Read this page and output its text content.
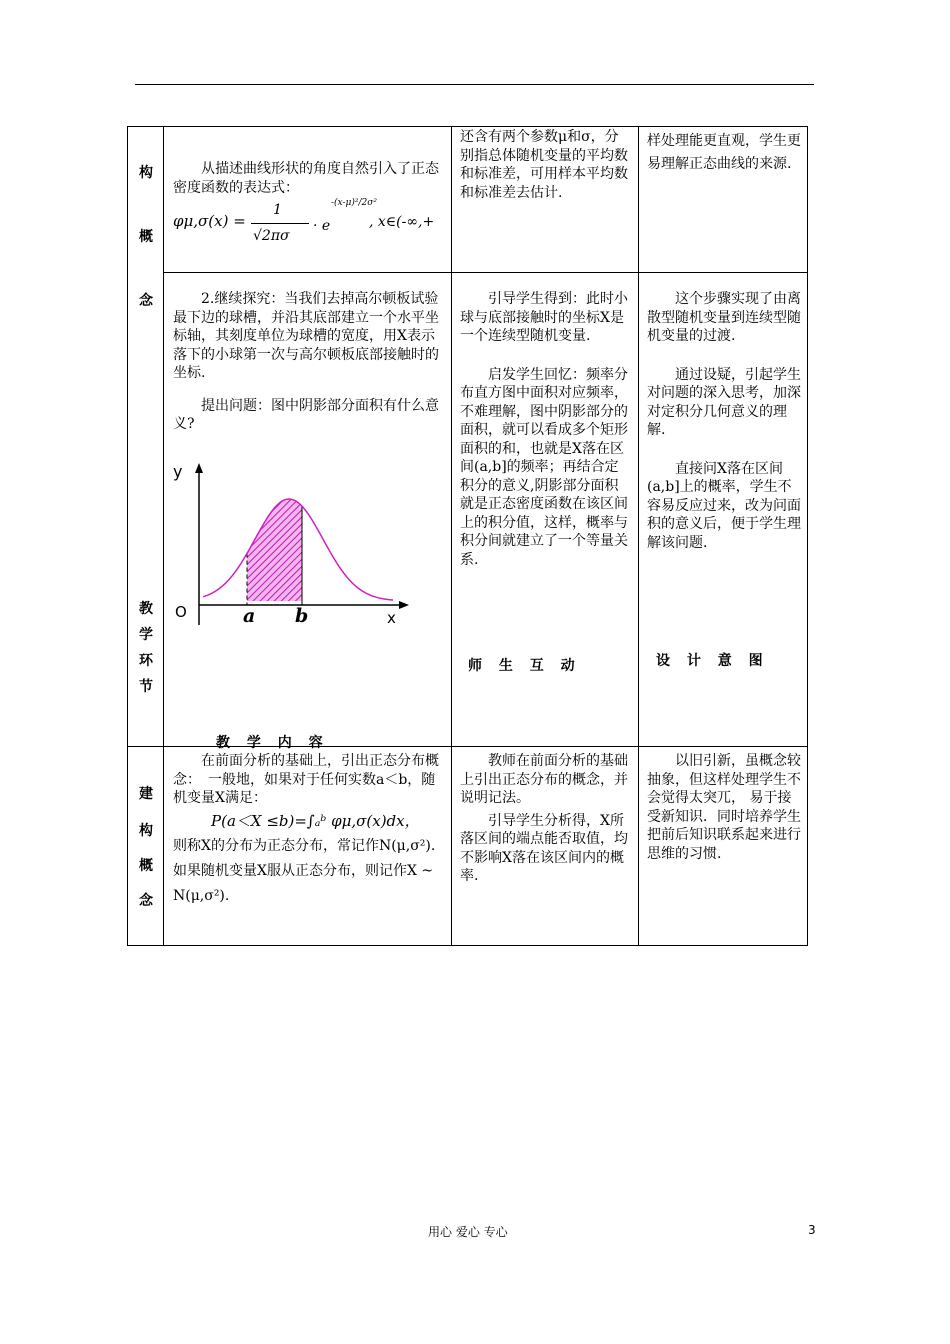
构
概
念
教
学
环
节
建
构
概
念

从描述曲线形状的角度自然引入了正态密度函数的表达式：

φμ,σ(x) =
1
√2πσ
· e
-(x-μ)²/2σ²
, x∈(-∞,+

还含有两个参数μ和σ，分别指总体随机变量的平均数和标准差，可用样本平均数和标准差去估计.

样处理能更直观，学生更易理解正态曲线的来源.

2.继续探究：当我们去掉高尔顿板试验最下边的球槽，并沿其底部建立一个水平坐标轴，其刻度单位为球槽的宽度，用X表示落下的小球第一次与高尔顿板底部接触时的坐标.

提出问题：图中阴影部分面积有什么意义?

y
x
O	a b
教 学 内 容

引导学生得到：此时小球与底部接触时的坐标X是一个连续型随机变量.

启发学生回忆：频率分布直方图中面积对应频率，不难理解，图中阴影部分的面积，就可以看成多个矩形面积的和，也就是X落在区间(a,b]的频率；再结合定积分的意义,阴影部分面积就是正态密度函数在该区间上的积分值，这样，概率与积分间就建立了一个等量关系.

师 生 互 动

这个步骤实现了由离散型随机变量到连续型随机变量的过渡.

通过设疑，引起学生对问题的深入思考，加深对定积分几何意义的理解.

直接问X落在区间(a,b]上的概率，学生不容易反应过来，改为问面积的意义后，便于学生理解该问题.

设 计 意 图

在前面分析的基础上，引出正态分布概念：　一般地，如果对于任何实数a＜b，随机变量X满足：

P(a＜X ≤b)=∫ₐᵇ φμ,σ(x)dx，

则称X的分布为正态分布，常记作N(μ,σ²). 如果随机变量X服从正态分布，则记作X ~ N(μ,σ²).

教师在前面分析的基础上引出正态分布的概念，并说明记法。

引导学生分析得，X所落区间的端点能否取值，均不影响X落在该区间内的概率.

以旧引新，虽概念较抽象，但这样处理学生不会觉得太突兀， 易于接受新知识．同时培养学生把前后知识联系起来进行思维的习惯.

用心 爱心 专心	3
